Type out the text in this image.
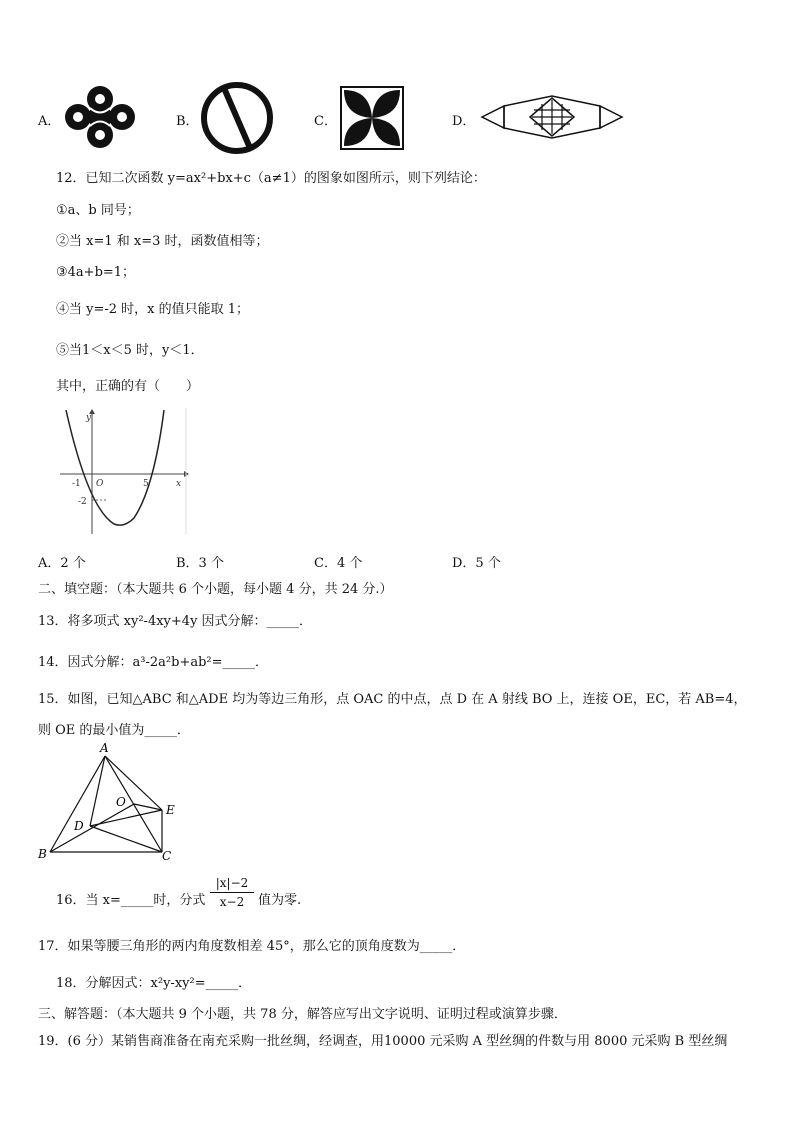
A．	B．	C．	D．
12．已知二次函数 y=ax²+bx+c（a≠1）的图象如图所示，则下列结论：
①a、b 同号；
②当 x=1 和 x=3 时，函数值相等；
③4a+b=1；
④当 y=-2 时，x 的值只能取 1；
⑤当1＜x＜5 时，y＜1．
其中，正确的有（　　）
y
x
O
-1	5
-2
A．2 个	B．3 个	C．4 个	D．5 个
二、填空题：（本大题共 6 个小题，每小题 4 分，共 24 分.）
13．将多项式 xy²-4xy+4y 因式分解：_____．
14．因式分解：a³-2a²b+ab²=_____．
15．如图，已知△ABC 和△ADE 均为等边三角形，点 OAC 的中点，点 D 在 A 射线 BO 上，连接 OE，EC，若 AB=4，
则 OE 的最小值为_____．
A
B	C
D
E
O
16．当 x=_____时，分式 $\frac{|x|-2}{x-2}$ 值为零.
17．如果等腰三角形的两内角度数相差 45°，那么它的顶角度数为_____．
18．分解因式：x²y-xy²=_____．
三、解答题：（本大题共 9 个小题，共 78 分，解答应写出文字说明、证明过程或演算步骤．
19．(6 分）某销售商准备在南充采购一批丝绸，经调查，用10000 元采购 A 型丝绸的件数与用 8000 元采购 B 型丝绸
